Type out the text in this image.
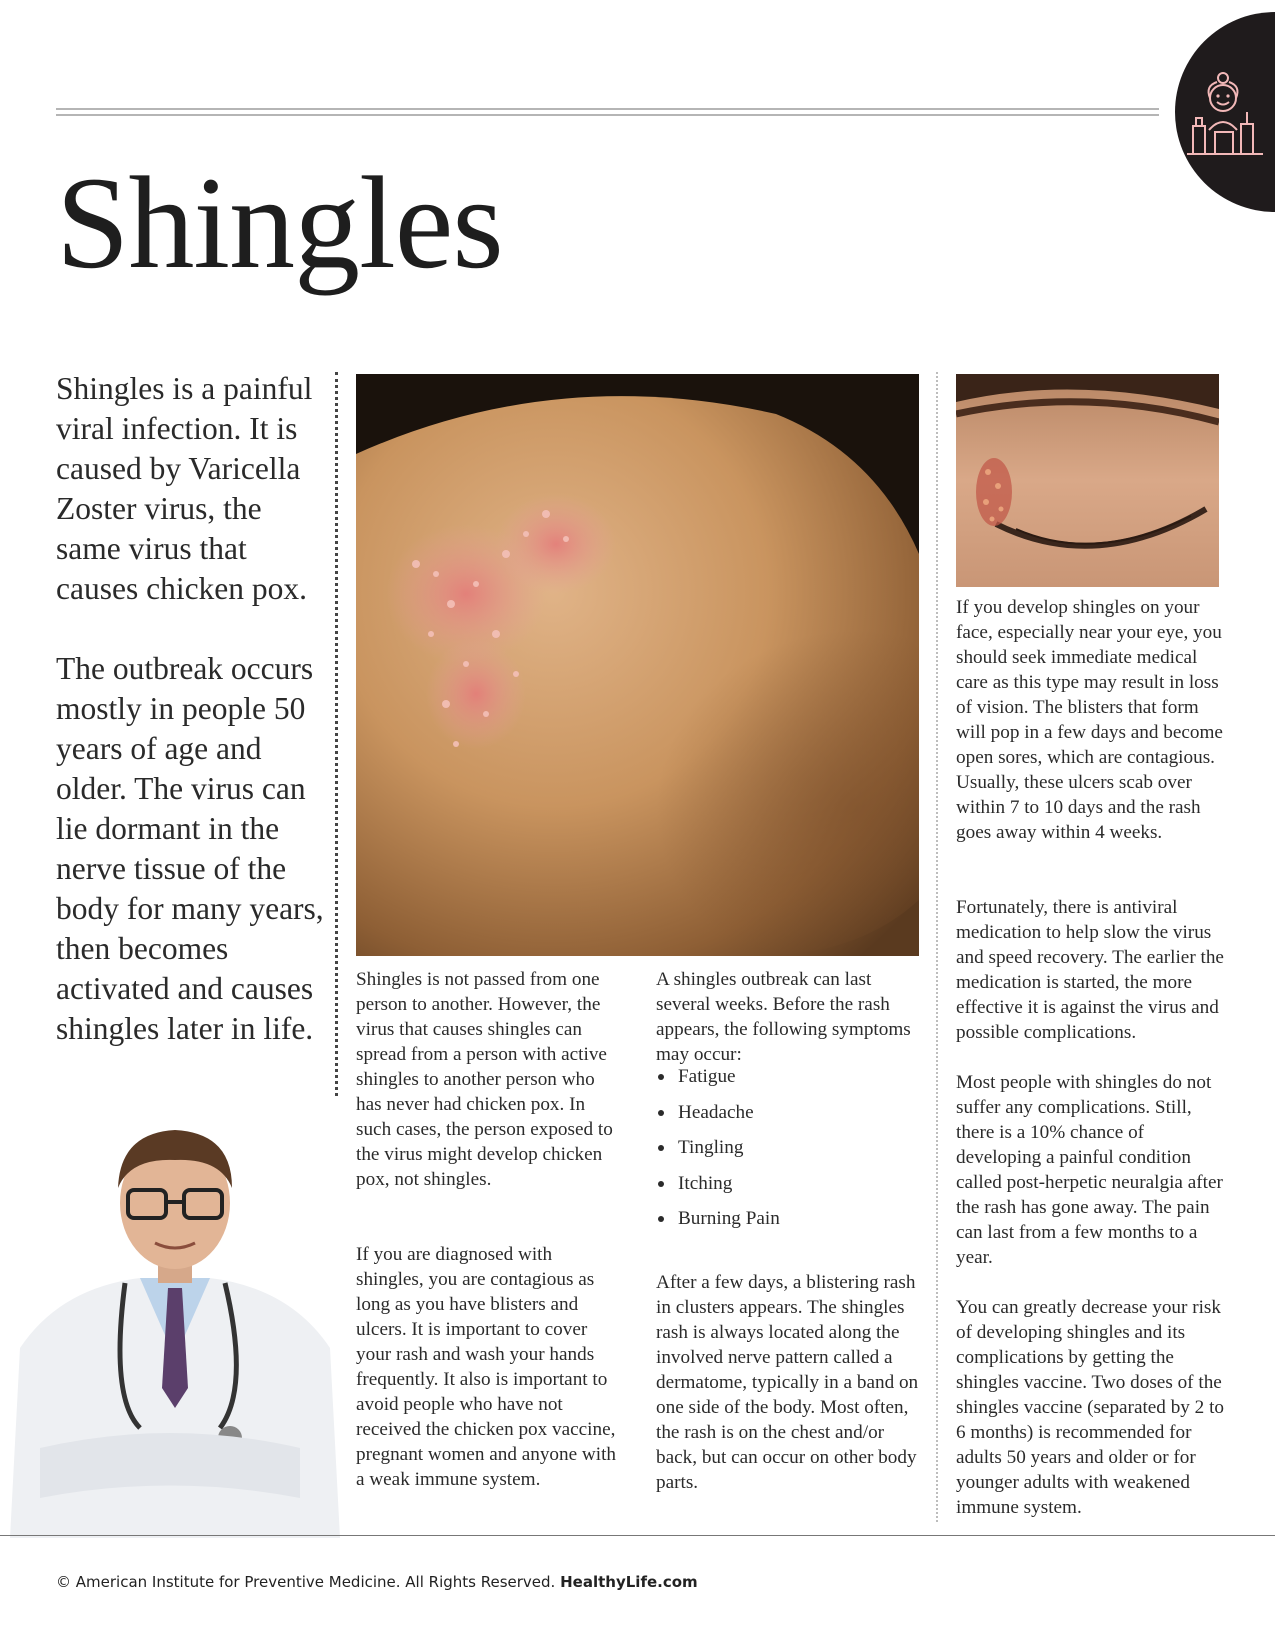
Shingles

Shingles is a painful viral infection. It is caused by Varicella Zoster virus, the same virus that causes chicken pox.

The outbreak occurs mostly in people 50 years of age and older. The virus can lie dormant in the nerve tissue of the body for many years, then becomes activated and causes shingles later in life.

Shingles is not passed from one person to another. However, the virus that causes shingles can spread from a person with active shingles to another person who has never had chicken pox. In such cases, the person exposed to the virus might develop chicken pox, not shingles.

If you are diagnosed with shingles, you are contagious as long as you have blisters and ulcers. It is important to cover your rash and wash your hands frequently. It also is important to avoid people who have not received the chicken pox vaccine, pregnant women and anyone with a weak immune system.

A shingles outbreak can last several weeks. Before the rash appears, the following symptoms may occur:

Fatigue
Headache
Tingling
Itching
Burning Pain

After a few days, a blistering rash in clusters appears. The shingles rash is always located along the involved nerve pattern called a dermatome, typically in a band on one side of the body. Most often, the rash is on the chest and/or back, but can occur on other body parts.

If you develop shingles on your face, especially near your eye, you should seek immediate medical care as this type may result in loss of vision. The blisters that form will pop in a few days and become open sores, which are contagious. Usually, these ulcers scab over within 7 to 10 days and the rash goes away within 4 weeks.

Fortunately, there is antiviral medication to help slow the virus and speed recovery. The earlier the medication is started, the more effective it is against the virus and possible complications.

Most people with shingles do not suffer any complications. Still, there is a 10% chance of developing a painful condition called post-herpetic neuralgia after the rash has gone away. The pain can last from a few months to a year.

You can greatly decrease your risk of developing shingles and its complications by getting the shingles vaccine. Two doses of the shingles vaccine (separated by 2 to 6 months) is recommended for adults 50 years and older or for younger adults with weakened immune system.

© American Institute for Preventive Medicine. All Rights Reserved. HealthyLife.com
